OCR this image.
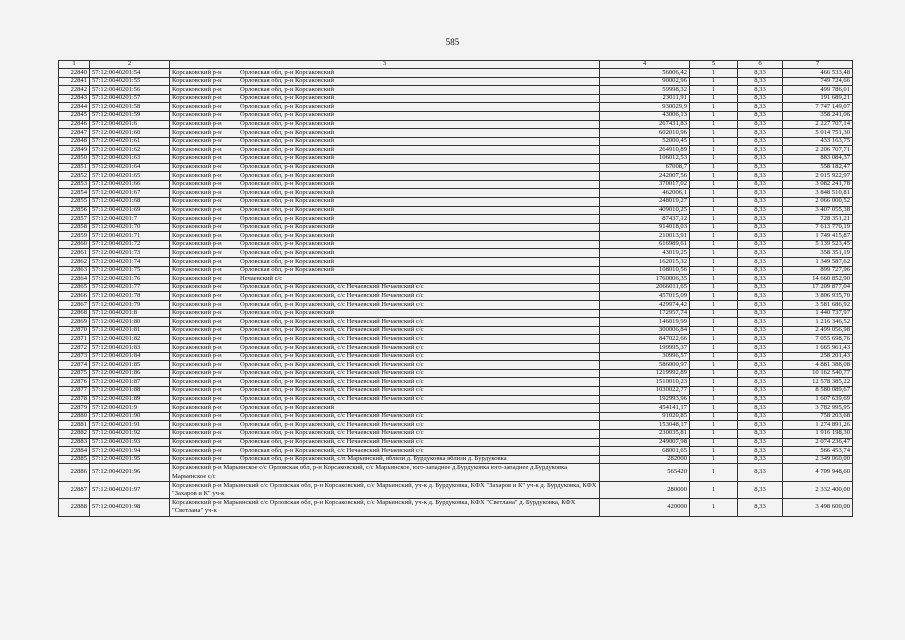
585
1	2	3	4	5	6	7
22840	57:12:0040201:54	Корсаковский р-н Орловская обл, р-н Корсаковский	56006,42	1	8,33	466 533,48
22841	57:12:0040201:55	Корсаковский р-н Орловская обл, р-н Корсаковский	90002,96	1	8,33	749 724,66
22842	57:12:0040201:56	Корсаковский р-н Орловская обл, р-н Корсаковский	59998,32	1	8,33	499 786,01
22843	57:12:0040201:57	Корсаковский р-н Орловская обл, р-н Корсаковский	23011,91	1	8,33	191 689,21
22844	57:12:0040201:58	Корсаковский р-н Орловская обл, р-н Корсаковский	930029,9	1	8,33	7 747 149,07
22845	57:12:0040201:59	Корсаковский р-н Орловская обл, р-н Корсаковский	43006,13	1	8,33	358 241,06
22846	57:12:0040201:6	Корсаковский р-н Орловская обл, р-н Корсаковский	267431,83	1	8,33	2 227 707,14
22847	57:12:0040201:60	Корсаковский р-н Орловская обл, р-н Корсаковский	602010,96	1	8,33	5 014 751,30
22848	57:12:0040201:61	Корсаковский р-н Орловская обл, р-н Корсаковский	52000,45	1	8,33	433 163,75
22849	57:12:0040201:62	Корсаковский р-н Орловская обл, р-н Корсаковский	264910,89	1	8,33	2 206 707,71
22850	57:12:0040201:63	Корсаковский р-н Орловская обл, р-н Корсаковский	106012,53	1	8,33	883 084,37
22851	57:12:0040201:64	Корсаковский р-н Орловская обл, р-н Корсаковский	67008,7	1	8,33	558 182,47
22852	57:12:0040201:65	Корсаковский р-н Орловская обл, р-н Корсаковский	242007,56	1	8,33	2 015 922,97
22853	57:12:0040201:66	Корсаковский р-н Орловская обл, р-н Корсаковский	370017,02	1	8,33	3 082 241,78
22854	57:12:0040201:67	Корсаковский р-н Орловская обл, р-н Корсаковский	462006,1	1	8,33	3 848 510,81
22855	57:12:0040201:68	Корсаковский р-н Орловская обл, р-н Корсаковский	248019,27	1	8,33	2 066 000,52
22856	57:12:0040201:69	Корсаковский р-н Орловская обл, р-н Корсаковский	409010,25	1	8,33	3 407 055,38
22857	57:12:0040201:7	Корсаковский р-н Орловская обл, р-н Корсаковский	87437,12	1	8,33	728 351,21
22858	57:12:0040201:70	Корсаковский р-н Орловская обл, р-н Корсаковский	914018,03	1	8,33	7 613 770,19
22859	57:12:0040201:71	Корсаковский р-н Орловская обл, р-н Корсаковский	210013,91	1	8,33	1 749 415,87
22860	57:12:0040201:72	Корсаковский р-н Орловская обл, р-н Корсаковский	616989,61	1	8,33	5 139 523,45
22861	57:12:0040201:73	Корсаковский р-н Орловская обл, р-н Корсаковский	43019,25	1	8,33	358 351,19
22862	57:12:0040201:74	Корсаковский р-н Орловская обл, р-н Корсаковский	162015,32	1	8,33	1 349 587,62
22863	57:12:0040201:75	Корсаковский р-н Орловская обл, р-н Корсаковский	108010,56	1	8,33	899 727,96
22864	57:12:0040201:76	Корсаковский р-н Нечаевский с/с	1760006,35	1	8,33	14 660 852,90
22865	57:12:0040201:77	Корсаковский р-н Орловская обл, р-н Корсаковский, с/с Нечаевский Нечаевский с/с	2066011,65	1	8,33	17 209 877,04
22866	57:12:0040201:78	Корсаковский р-н Орловская обл, р-н Корсаковский, с/с Нечаевский Нечаевский с/с	457015,09	1	8,33	3 806 935,70
22867	57:12:0040201:79	Корсаковский р-н Орловская обл, р-н Корсаковский, с/с Нечаевский Нечаевский с/с	429974,42	1	8,33	3 581 686,92
22868	57:12:0040201:8	Корсаковский р-н Орловская обл, р-н Корсаковский	172957,74	1	8,33	1 440 737,97
22869	57:12:0040201:80	Корсаковский р-н Орловская обл, р-н Корсаковский, с/с Нечаевский Нечаевский с/с	146019,99	1	8,33	1 216 346,52
22870	57:12:0040201:81	Корсаковский р-н Орловская обл, р-н Корсаковский, с/с Нечаевский Нечаевский с/с	300006,84	1	8,33	2 499 056,98
22871	57:12:0040201:82	Корсаковский р-н Орловская обл, р-н Корсаковский, с/с Нечаевский Нечаевский с/с	847022,66	1	8,33	7 055 698,76
22872	57:12:0040201:83	Корсаковский р-н Орловская обл, р-н Корсаковский, с/с Нечаевский Нечаевский с/с	199995,37	1	8,33	1 665 961,43
22873	57:12:0040201:84	Корсаковский р-н Орловская обл, р-н Корсаковский, с/с Нечаевский Нечаевский с/с	30996,57	1	8,33	258 201,43
22874	57:12:0040201:85	Корсаковский р-н Орловская обл, р-н Корсаковский, с/с Нечаевский Нечаевский с/с	586000,97	1	8,33	4 881 388,08
22875	57:12:0040201:86	Корсаковский р-н Орловская обл, р-н Корсаковский, с/с Нечаевский Нечаевский с/с	1219992,89	1	8,33	10 162 540,77
22876	57:12:0040201:87	Корсаковский р-н Орловская обл, р-н Корсаковский, с/с Нечаевский Нечаевский с/с	1510010,23	1	8,33	12 578 385,22
22877	57:12:0040201:88	Корсаковский р-н Орловская обл, р-н Корсаковский, с/с Нечаевский Нечаевский с/с	1030022,77	1	8,33	8 580 089,67
22878	57:12:0040201:89	Корсаковский р-н Орловская обл, р-н Корсаковский, с/с Нечаевский Нечаевский с/с	192993,96	1	8,33	1 607 639,69
22879	57:12:0040201:9	Корсаковский р-н Орловская обл, р-н Корсаковский	454141,17	1	8,33	3 782 995,95
22880	57:12:0040201:90	Корсаковский р-н Орловская обл, р-н Корсаковский, с/с Нечаевский Нечаевский с/с	91020,85	1	8,33	758 203,68
22881	57:12:0040201:91	Корсаковский р-н Орловская обл, р-н Корсаковский, с/с Нечаевский Нечаевский с/с	153048,17	1	8,33	1 274 891,26
22882	57:12:0040201:92	Корсаковский р-н Орловская обл, р-н Корсаковский, с/с Нечаевский Нечаевский с/с	230035,81	1	8,33	1 916 198,30
22883	57:12:0040201:93	Корсаковский р-н Орловская обл, р-н Корсаковский, с/с Нечаевский Нечаевский с/с	249007,98	1	8,33	2 074 236,47
22884	57:12:0040201:94	Корсаковский р-н Орловская обл, р-н Корсаковский, с/с Нечаевский Нечаевский с/с	68001,65	1	8,33	566 453,74
22885	57:12:0040201:95	Корсаковский р-н Орловская обл, р-н Корсаковский, с/п Марьинский, вблизи д. Бурдуковка вблизи д. Бурдуковка	282000	1	8,33	2 349 060,00
22886	57:12:0040201:96	Корсаковский р-н Марьинское с/с Орловская обл, р-н Корсаковский, с/с Марьинское, юго-западнее д.Бурдуковка юго-западнее д.Бурдуковка Марьинское с/с	565420	1	8,33	4 709 948,60
22887	57:12:0040201:97	Корсаковский р-н Марьинский с/с Орловская обл, р-н Корсаковский, с/с Марьинский, уч-к д. Бурдуковка, КФХ "Захаров и К" уч-к д. Бурдуковка, КФХ "Захаров и К" уч-к	280000	1	8,33	2 332 400,00
22888	57:12:0040201:98	Корсаковский р-н Марьинский с/с Орловская обл, р-н Корсаковский, с/с Марьинский, уч-к д. Бурдуковка, КФХ "Светлана" д. Бурдуковка, КФХ "Светлана" уч-к	420000	1	8,33	3 498 600,00
